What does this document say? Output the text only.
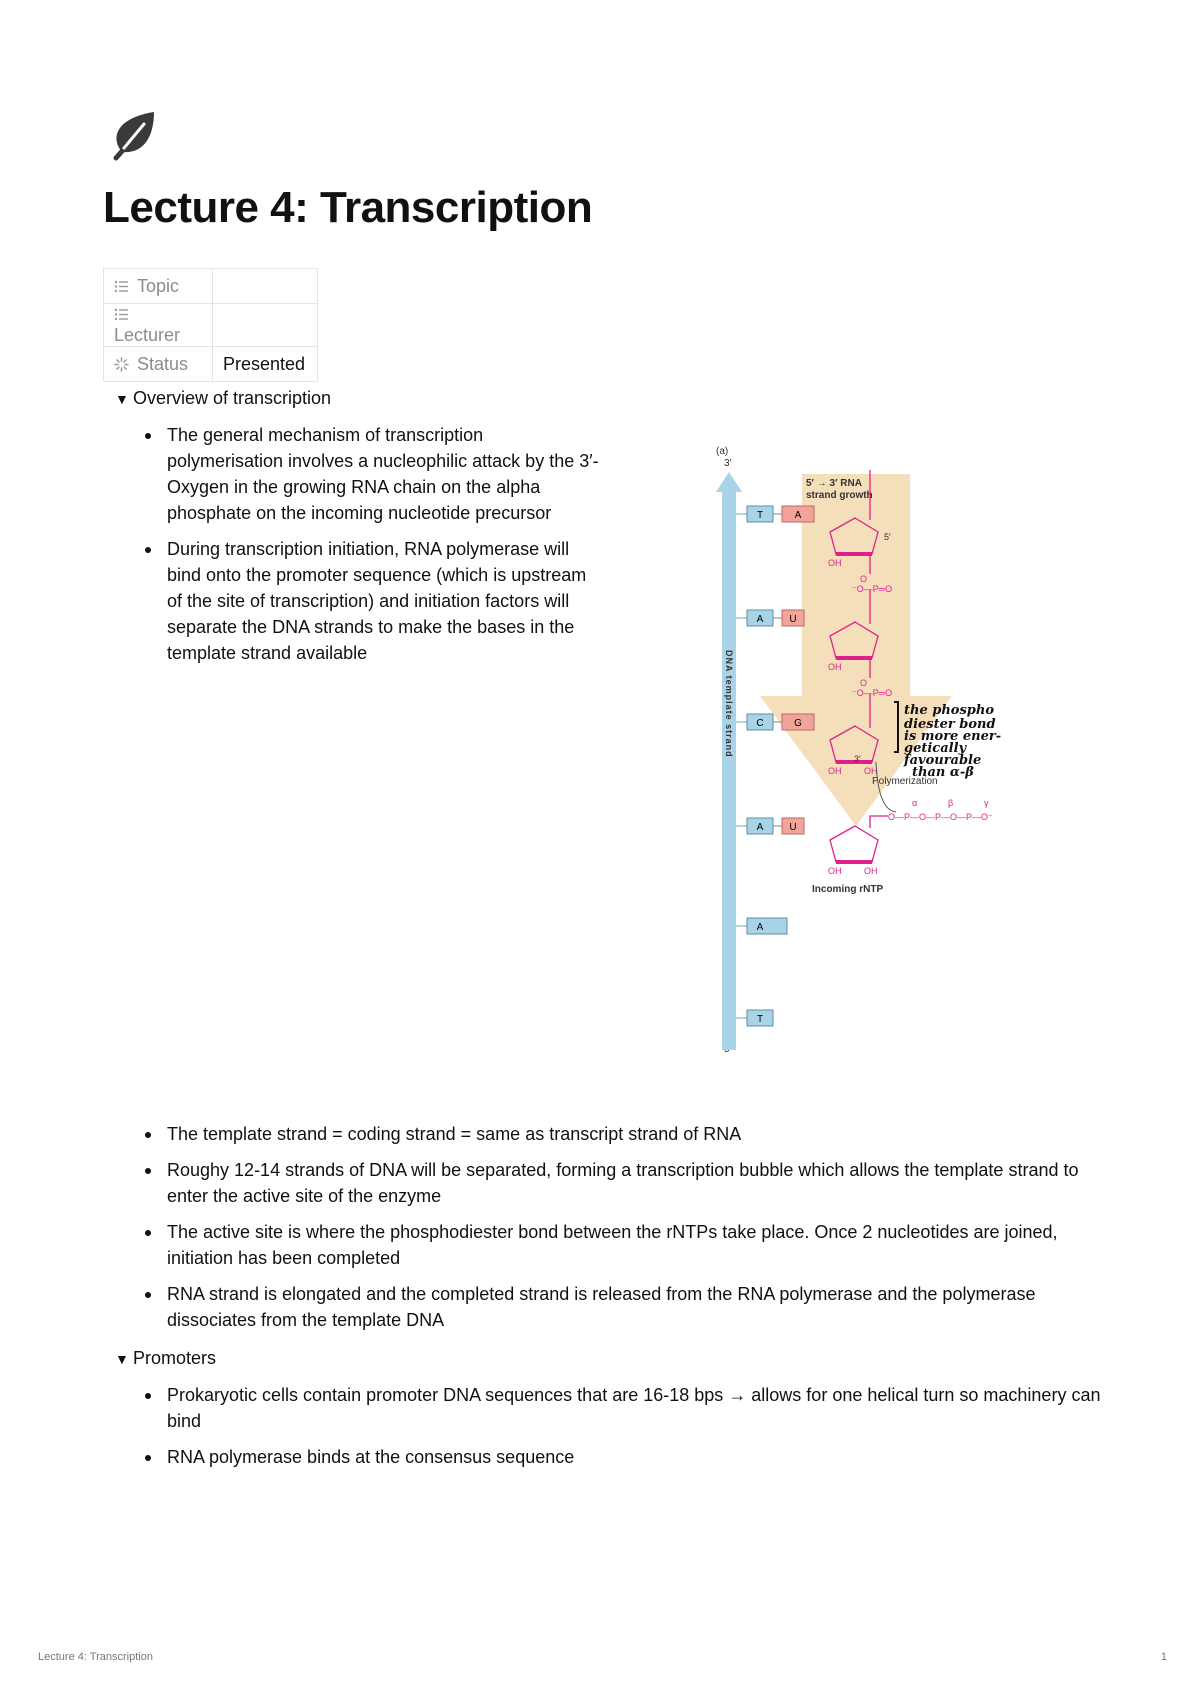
Lecture 4: Transcription
Topic	
Lecturer	
Status	Presented
▼ Overview of transcription
The general mechanism of transcription polymerisation involves a nucleophilic attack by the 3′-Oxygen in the growing RNA chain on the alpha phosphate on the incoming nucleotide precursor
During transcription initiation, RNA polymerase will bind onto the promoter sequence (which is upstream of the site of transcription) and initiation factors will separate the DNA strands to make the bases in the template strand available
(a)
3′
5′ → 3′ RNA
strand growth
DNA template strand
T
A
C
A
A
T
A
U
G
U
OH
O
⁻O—P═O
OH
O
⁻O—P═O
OH	OH
OH	OH
O—P—O—P—O—P—O⁻
α	β	γ
5′
3′
Polymerization
Incoming rNTP
the phospho
diester bond
is more ener-
getically
favourable
than α-β
The template strand = coding strand = same as transcript strand of RNA
Roughy 12-14 strands of DNA will be separated, forming a transcription bubble which allows the template strand to enter the active site of the enzyme
The active site is where the phosphodiester bond between the rNTPs take place. Once 2 nucleotides are joined, initiation has been completed
RNA strand is elongated and the completed strand is released from the RNA polymerase and the polymerase dissociates from the template DNA
▼ Promoters
Prokaryotic cells contain promoter DNA sequences that are 16-18 bps → allows for one helical turn so machinery can bind
RNA polymerase binds at the consensus sequence
Lecture 4: Transcription	1
